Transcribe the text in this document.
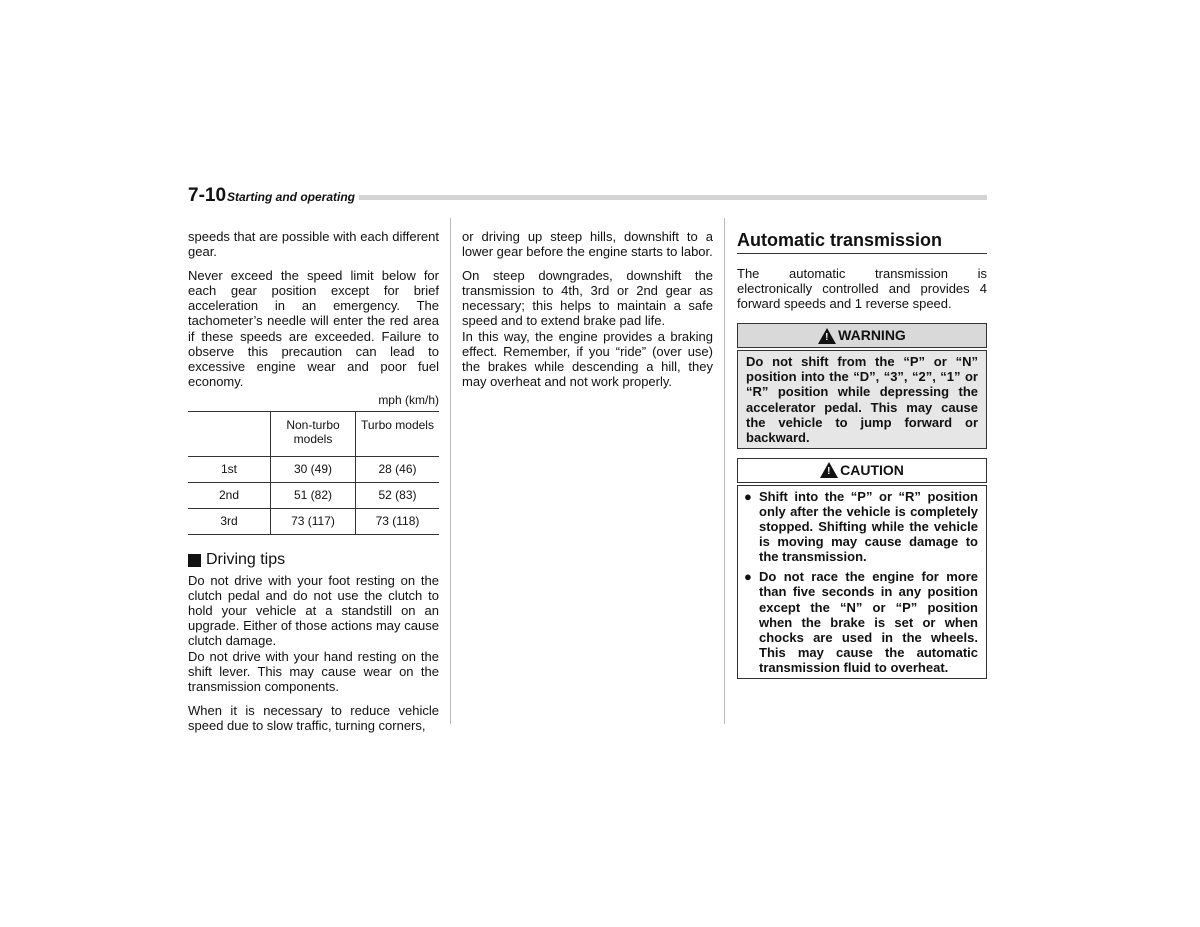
7-10 Starting and operating

speeds that are possible with each different gear.

Never exceed the speed limit below for each gear position except for brief acceleration in an emergency. The tachometer’s needle will enter the red area if these speeds are exceeded. Failure to observe this precaution can lead to excessive engine wear and poor fuel economy.

mph (km/h)
	Non-turbo models	Turbo models
1st	30 (49)	28 (46)
2nd	51 (82)	52 (83)
3rd	73 (117)	73 (118)
Driving tips

Do not drive with your foot resting on the clutch pedal and do not use the clutch to hold your vehicle at a standstill on an upgrade. Either of those actions may cause clutch damage.

Do not drive with your hand resting on the shift lever. This may cause wear on the transmission components.

When it is necessary to reduce vehicle speed due to slow traffic, turning corners,

or driving up steep hills, downshift to a lower gear before the engine starts to labor.

On steep downgrades, downshift the transmission to 4th, 3rd or 2nd gear as necessary; this helps to maintain a safe speed and to extend brake pad life.

In this way, the engine provides a braking effect. Remember, if you “ride” (over use) the brakes while descending a hill, they may overheat and not work properly.

Automatic transmission

The automatic transmission is electronically controlled and provides 4 forward speeds and 1 reverse speed.

! WARNING
Do not shift from the “P” or “N” position into the “D”, “3”, “2”, “1” or “R” position while depressing the accelerator pedal. This may cause the vehicle to jump forward or backward.
! CAUTION
● Shift into the “P” or “R” position only after the vehicle is completely stopped. Shifting while the vehicle is moving may cause damage to the transmission.
● Do not race the engine for more than five seconds in any position except the “N” or “P” position when the brake is set or when chocks are used in the wheels. This may cause the automatic transmission fluid to overheat.
